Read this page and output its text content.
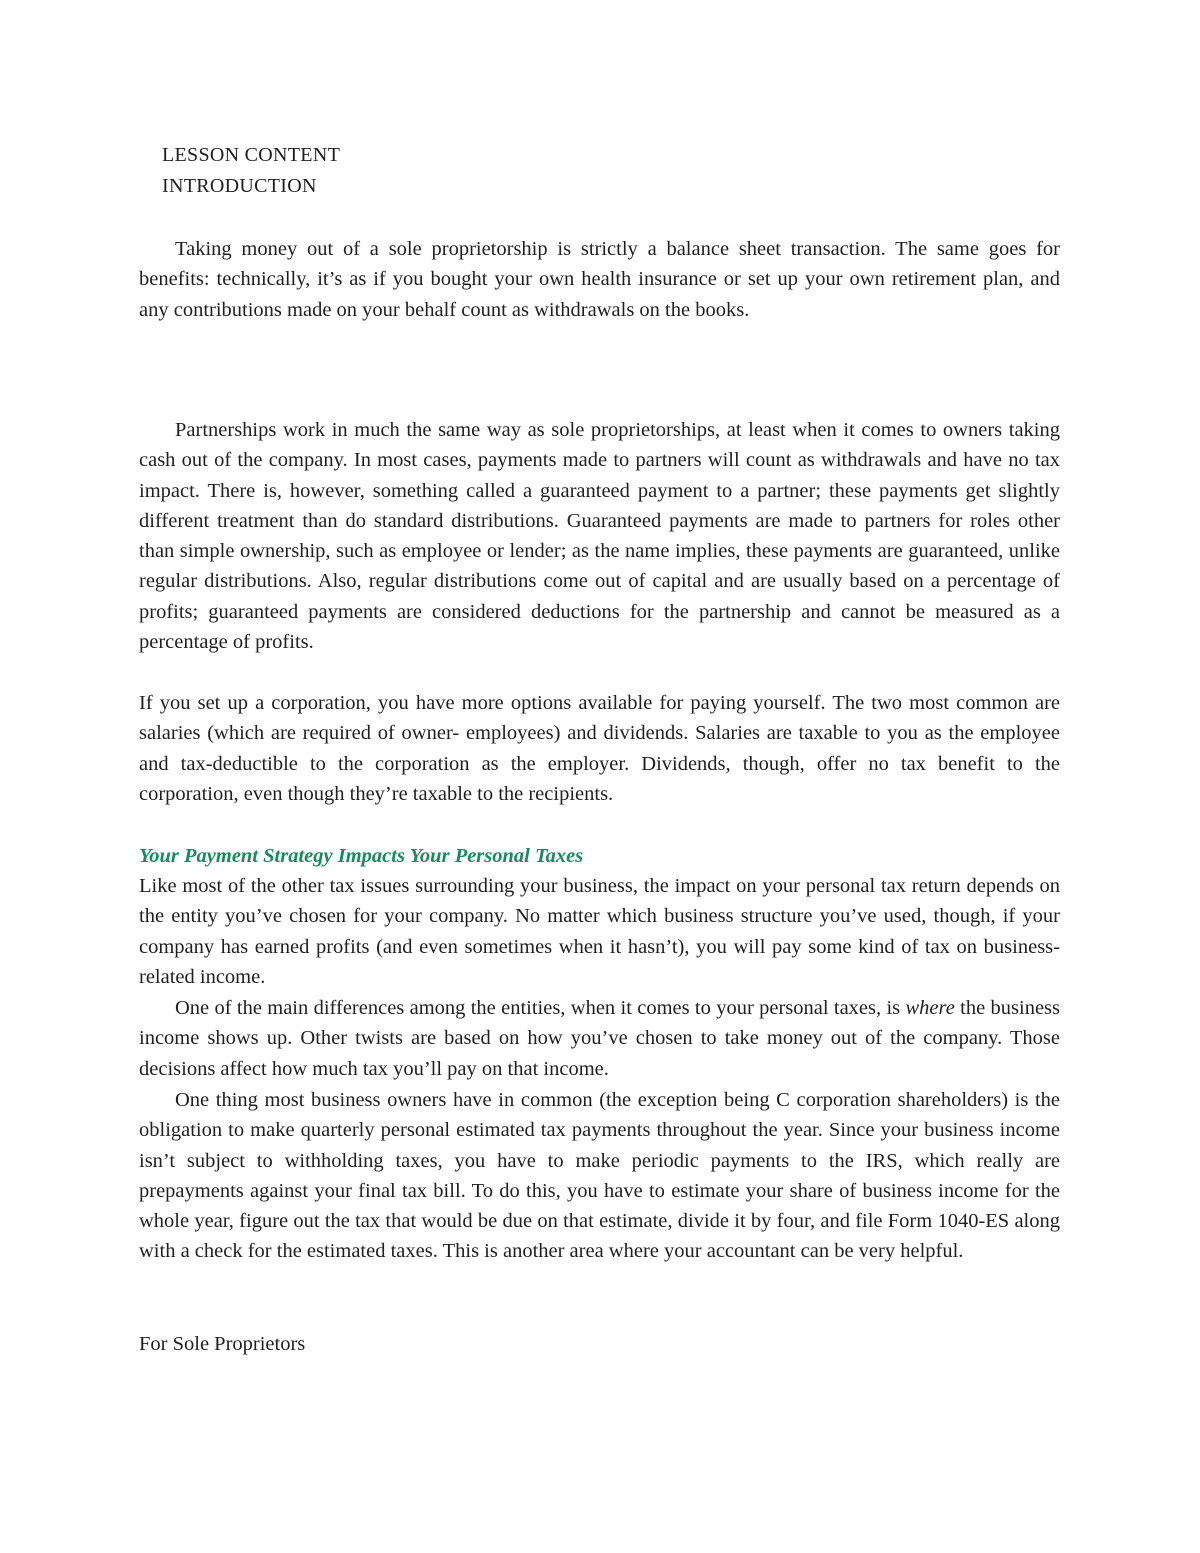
LESSON CONTENT

INTRODUCTION

Taking money out of a sole proprietorship is strictly a balance sheet transaction. The same goes for benefits: technically, it’s as if you bought your own health insurance or set up your own retirement plan, and any contributions made on your behalf count as withdrawals on the books.

Partnerships work in much the same way as sole proprietorships, at least when it comes to owners taking cash out of the company. In most cases, payments made to partners will count as withdrawals and have no tax impact. There is, however, something called a guaranteed payment to a partner; these payments get slightly different treatment than do standard distributions. Guaranteed payments are made to partners for roles other than simple ownership, such as employee or lender; as the name implies, these payments are guaranteed, unlike regular distributions. Also, regular distributions come out of capital and are usually based on a percentage of profits; guaranteed payments are considered deductions for the partnership and cannot be measured as a percentage of profits.

If you set up a corporation, you have more options available for paying yourself. The two most common are salaries (which are required of owner- employees) and dividends. Salaries are taxable to you as the employee and tax-deductible to the corporation as the employer. Dividends, though, offer no tax benefit to the corporation, even though they’re taxable to the recipients.

Your Payment Strategy Impacts Your Personal Taxes

Like most of the other tax issues surrounding your business, the impact on your personal tax return depends on the entity you’ve chosen for your company. No matter which business structure you’ve used, though, if your company has earned profits (and even sometimes when it hasn’t), you will pay some kind of tax on business-related income.

One of the main differences among the entities, when it comes to your personal taxes, is where the business income shows up. Other twists are based on how you’ve chosen to take money out of the company. Those decisions affect how much tax you’ll pay on that income.

One thing most business owners have in common (the exception being C corporation shareholders) is the obligation to make quarterly personal estimated tax payments throughout the year. Since your business income isn’t subject to withholding taxes, you have to make periodic payments to the IRS, which really are prepayments against your final tax bill. To do this, you have to estimate your share of business income for the whole year, figure out the tax that would be due on that estimate, divide it by four, and file Form 1040-ES along with a check for the estimated taxes. This is another area where your accountant can be very helpful.

For Sole Proprietors
